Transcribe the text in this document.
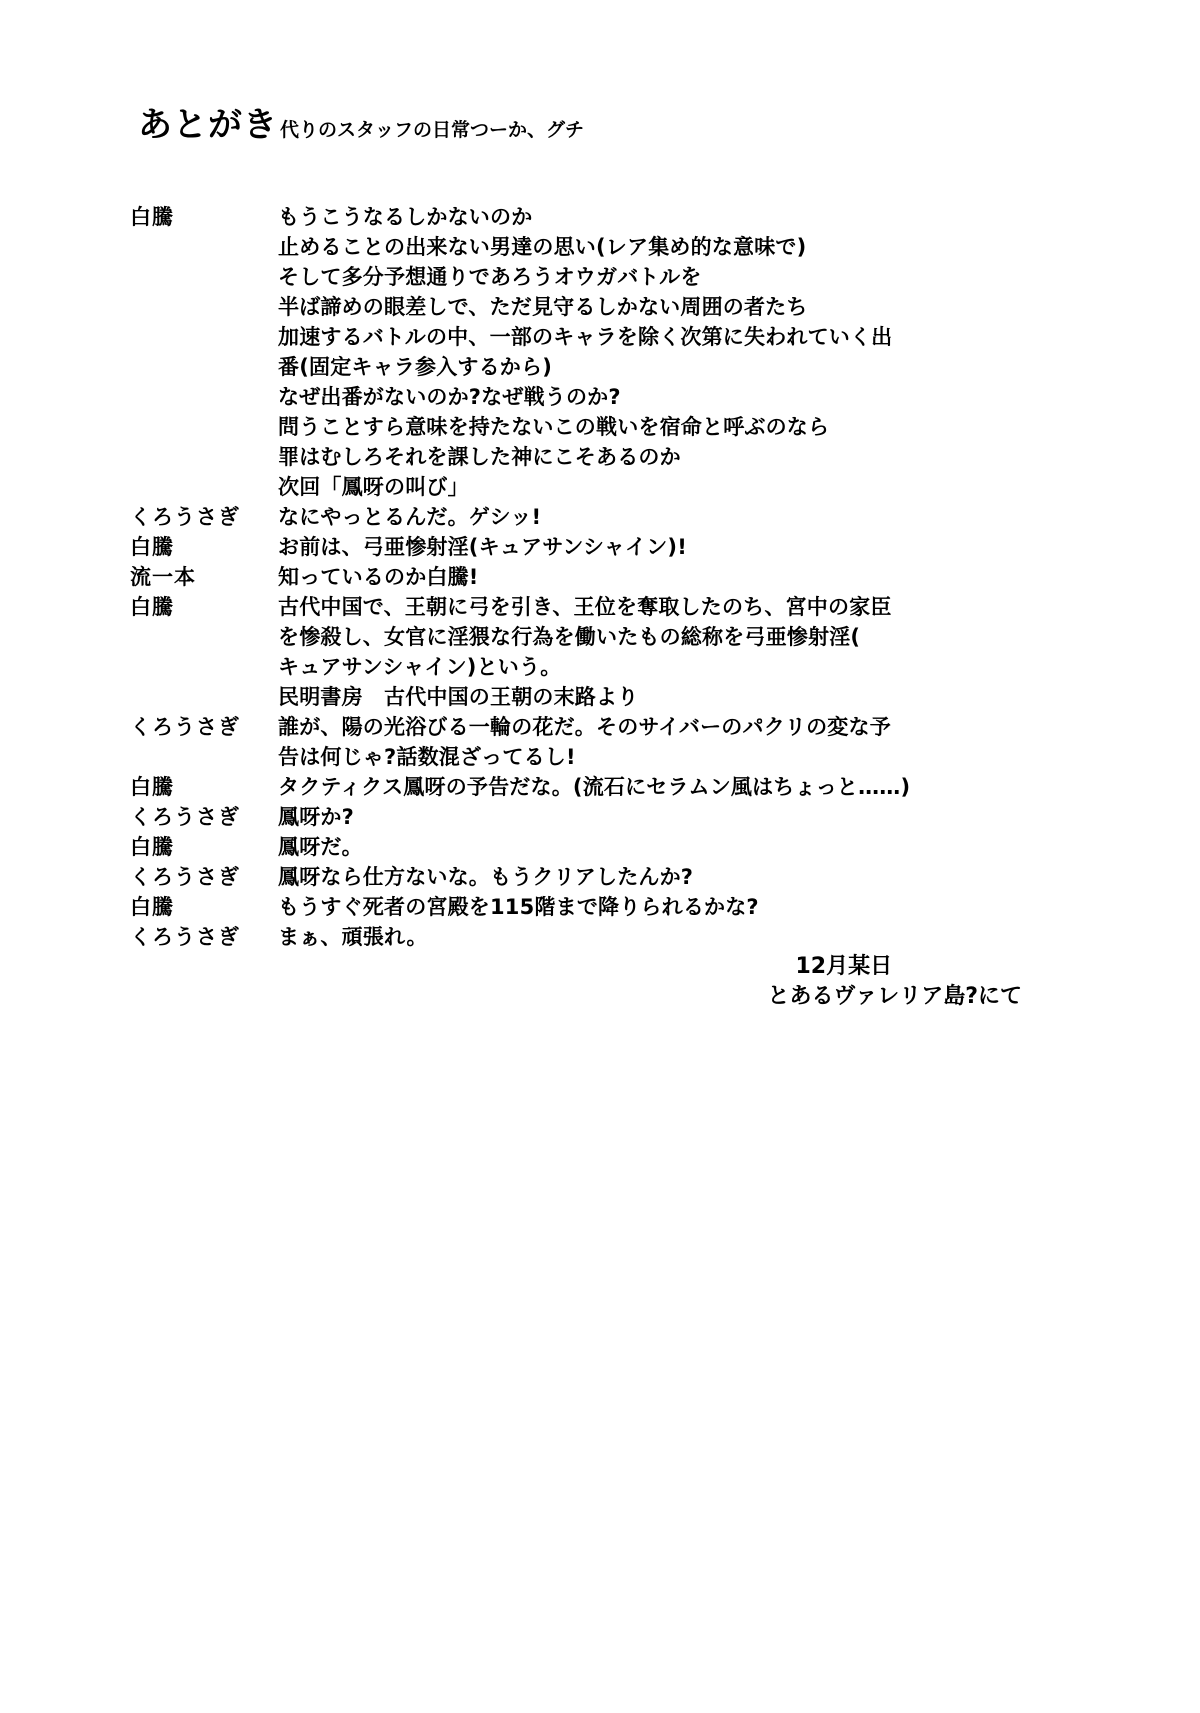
あとがき 代りのスタッフの日常つーか、グチ
白騰	もうこうなるしかないのか

止めることの出来ない男達の思い(レア集め的な意味で)

そして多分予想通りであろうオウガバトルを

半ば諦めの眼差しで、ただ見守るしかない周囲の者たち

加速するバトルの中、一部のキャラを除く次第に失われていく出

番(固定キャラ参入するから)

なぜ出番がないのか?なぜ戦うのか?

問うことすら意味を持たないこの戦いを宿命と呼ぶのなら

罪はむしろそれを課した神にこそあるのか

次回「鳳呀の叫び」

くろうさぎ	なにやっとるんだ。ゲシッ!

白騰	お前は、弓亜惨射淫(キュアサンシャイン)!

流一本	知っているのか白騰!

白騰	古代中国で、王朝に弓を引き、王位を奪取したのち、宮中の家臣

を惨殺し、女官に淫猥な行為を働いたもの総称を弓亜惨射淫(

キュアサンシャイン)という。

民明書房　古代中国の王朝の末路より

くろうさぎ	誰が、陽の光浴びる一輪の花だ。そのサイバーのパクリの変な予

告は何じゃ?話数混ざってるし!

白騰	タクティクス鳳呀の予告だな。(流石にセラムン風はちょっと……)

くろうさぎ	鳳呀か?

白騰	鳳呀だ。

くろうさぎ	鳳呀なら仕方ないな。もうクリアしたんか?

白騰	もうすぐ死者の宮殿を115階まで降りられるかな?

くろうさぎ	まぁ、頑張れ。

12月某日
とあるヴァレリア島?にて
